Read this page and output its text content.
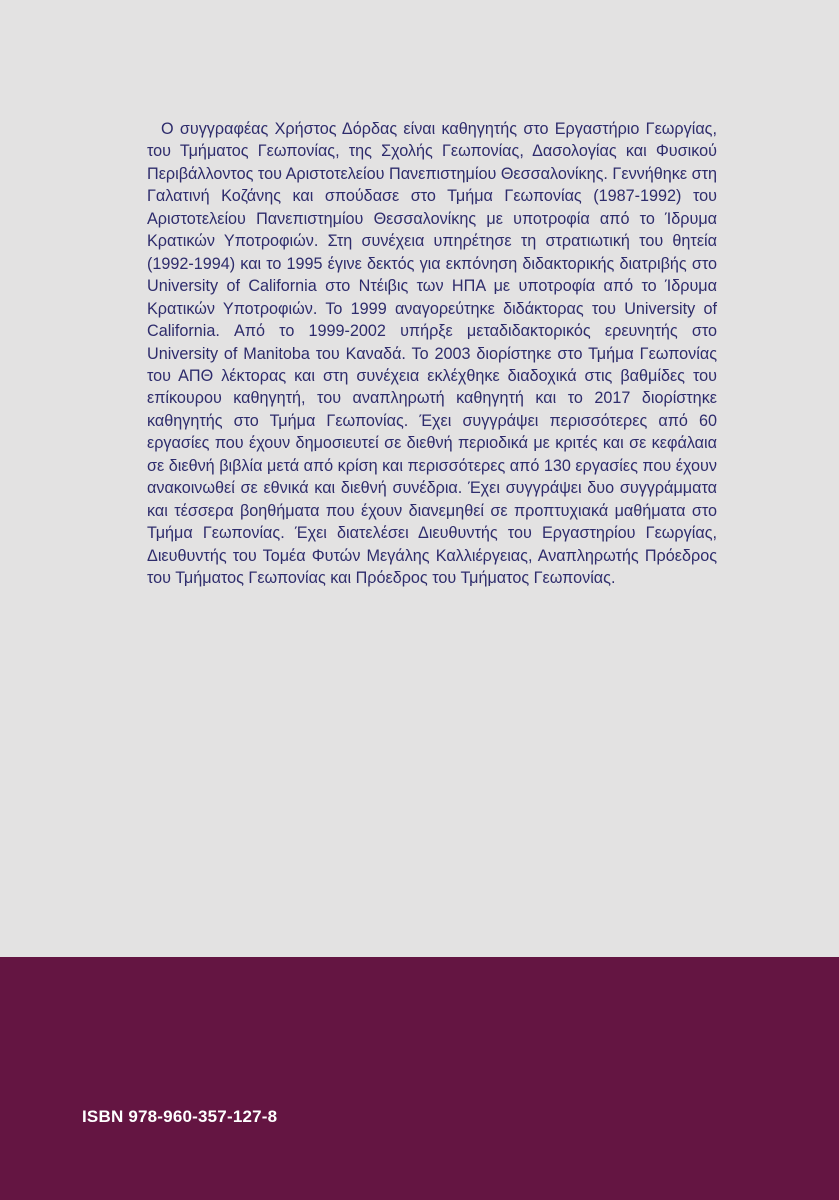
Ο συγγραφέας Χρήστος Δόρδας είναι καθηγητής στο Εργαστήριο Γεωργίας, του Τμήματος Γεωπονίας, της Σχολής Γεωπονίας, Δασολογίας και Φυσικού Περιβάλλοντος του Αριστοτελείου Πανεπιστημίου Θεσσαλονίκης. Γεννήθηκε στη Γαλατινή Κοζάνης και σπούδασε στο Τμήμα Γεωπονίας (1987-1992) του Αριστοτελείου Πανεπιστημίου Θεσσαλονίκης με υποτροφία από το Ίδρυμα Κρατικών Υποτροφιών. Στη συνέχεια υπηρέτησε τη στρατιωτική του θητεία (1992-1994) και το 1995 έγινε δεκτός για εκπόνηση διδακτορικής διατριβής στο University of California στο Ντέιβις των ΗΠΑ με υποτροφία από το Ίδρυμα Κρατικών Υποτροφιών. Το 1999 αναγορεύτηκε διδάκτορας του University of California. Από το 1999-2002 υπήρξε μεταδιδακτορικός ερευνητής στο University of Manitoba του Καναδά. Το 2003 διορίστηκε στο Τμήμα Γεωπονίας του ΑΠΘ λέκτορας και στη συνέχεια εκλέχθηκε διαδοχικά στις βαθμίδες του επίκουρου καθηγητή, του αναπληρωτή καθηγητή και το 2017 διορίστηκε καθηγητής στο Τμήμα Γεωπονίας. Έχει συγγράψει περισσότερες από 60 εργασίες που έχουν δημοσιευτεί σε διεθνή περιοδικά με κριτές και σε κεφάλαια σε διεθνή βιβλία μετά από κρίση και περισσότερες από 130 εργασίες που έχουν ανακοινωθεί σε εθνικά και διεθνή συνέδρια. Έχει συγγράψει δυο συγγράμματα και τέσσερα βοηθήματα που έχουν διανεμηθεί σε προπτυχιακά μαθήματα στο Τμήμα Γεωπονίας. Έχει διατελέσει Διευθυντής του Εργαστηρίου Γεωργίας, Διευθυντής του Τομέα Φυτών Μεγάλης Καλλιέργειας, Αναπληρωτής Πρόεδρος του Τμήματος Γεωπονίας και Πρόεδρος του Τμήματος Γεωπονίας.

ISBN 978-960-357-127-8
